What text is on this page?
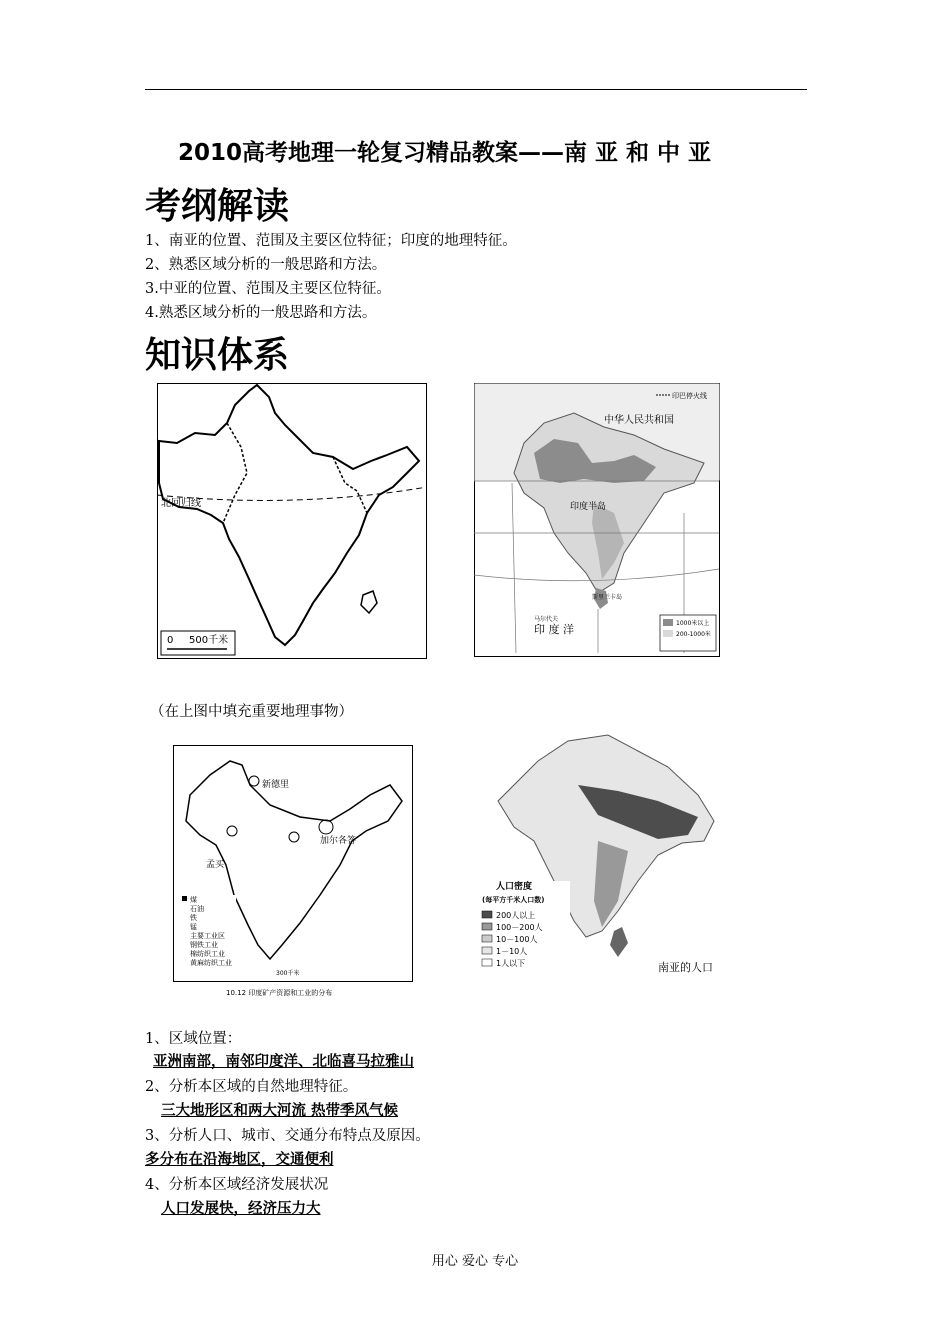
2010高考地理一轮复习精品教案——南 亚 和 中 亚
考纲解读
1、南亚的位置、范围及主要区位特征；印度的地理特征。
2、熟悉区域分析的一般思路和方法。
3.中亚的位置、范围及主要区位特征。
4.熟悉区域分析的一般思路和方法。
知识体系
北回归线
0 500千米
印巴停火线
中华人民共和国
印度半岛
印 度 洋
马尔代夫
斯里兰卡岛
1000米以上
200-1000米
（在上图中填充重要地理事物）
新德里
加尔各答
孟买
煤
石油
铁
锰
主要工业区
钢铁工业
棉纺织工业
黄麻纺织工业
300千米
10.12 印度矿产资源和工业的分布
人口密度
(每平方千米人口数)
200人以上
100－200人
10－100人
1－10人
1人以下	南亚的人口
1、区域位置：
亚洲南部，南邻印度洋、北临喜马拉雅山
2、分析本区域的自然地理特征。
三大地形区和两大河流 热带季风气候
3、分析人口、城市、交通分布特点及原因。
多分布在沿海地区，交通便利
4、分析本区域经济发展状况
人口发展快，经济压力大
用心 爱心 专心
